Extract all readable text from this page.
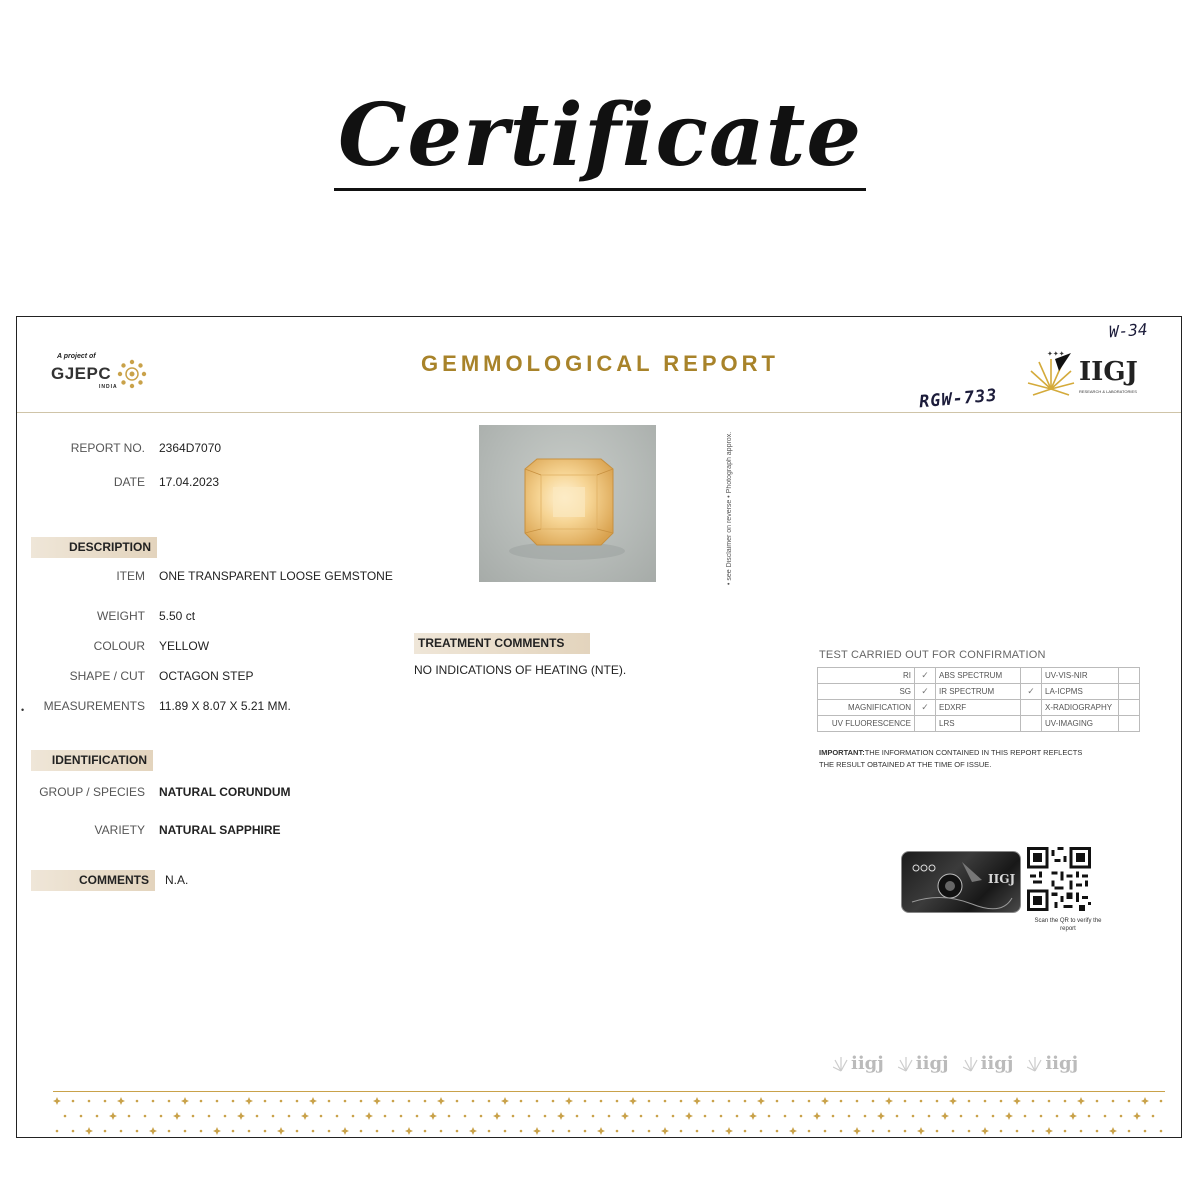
Certificate
A project of
GJEPC
INDIA
GEMMOLOGICAL REPORT
W-34
RGW-733
✦✦✦
IIGJ
RESEARCH & LABORATORIES
REPORT NO. 2364D7070
DATE 17.04.2023
DESCRIPTION
ITEM ONE TRANSPARENT LOOSE GEMSTONE
WEIGHT 5.50 ct
COLOUR YELLOW
SHAPE / CUT OCTAGON STEP
• MEASUREMENTS 11.89 X 8.07 X 5.21 MM.
IDENTIFICATION
GROUP / SPECIES NATURAL CORUNDUM
VARIETY NATURAL SAPPHIRE
COMMENTS	N.A.
• see Disclaimer on reverse • Photograph approx.
TREATMENT COMMENTS
NO INDICATIONS OF HEATING (NTE).
TEST CARRIED OUT FOR CONFIRMATION
RI	✓	ABS SPECTRUM		UV-VIS-NIR	
SG	✓	IR SPECTRUM	✓	LA-ICPMS	
MAGNIFICATION	✓	EDXRF		X-RADIOGRAPHY	
UV FLUORESCENCE		LRS		UV-IMAGING	
IMPORTANT:THE INFORMATION CONTAINED IN THIS REPORT REFLECTS THE RESULT OBTAINED AT THE TIME OF ISSUE.
IIGJ
Scan the QR to verify the report
iigj iigj iigj iigj
